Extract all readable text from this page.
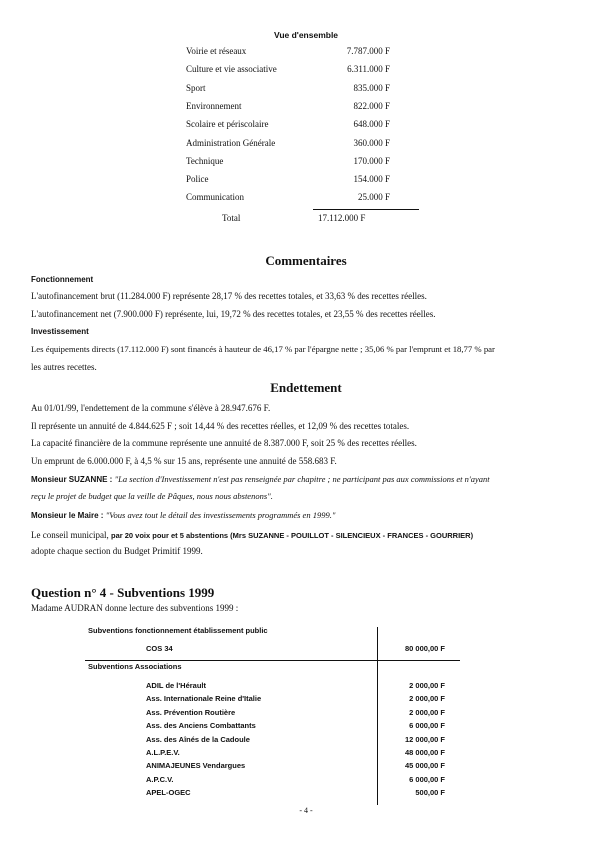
Vue d'ensemble
Voirie et réseaux	7.787.000 F
Culture et vie associative	6.311.000 F
Sport	835.000 F
Environnement	822.000 F
Scolaire et périscolaire	648.000 F
Administration Générale	360.000 F
Technique	170.000 F
Police	154.000 F
Communication	25.000 F
Total	17.112.000 F
Commentaires
Fonctionnement
L'autofinancement brut (11.284.000 F) représente 28,17 % des recettes totales, et 33,63 % des recettes réelles.
L'autofinancement net (7.900.000 F) représente, lui, 19,72 % des recettes totales, et 23,55 % des recettes réelles.
Investissement
Les équipements directs (17.112.000 F) sont financés à hauteur de 46,17 % par l'épargne nette ; 35,06 % par l'emprunt et 18,77 % par
les autres recettes.
Endettement
Au 01/01/99, l'endettement de la commune s'élève à 28.947.676 F.
Il représente un annuité de 4.844.625 F ; soit 14,44 % des recettes réelles, et 12,09 % des recettes totales.
La capacité financière de la commune représente une annuité de 8.387.000 F, soit 25 % des recettes réelles.
Un emprunt de 6.000.000 F, à 4,5 % sur 15 ans, représente une annuité de 558.683 F.
Monsieur SUZANNE : "La section d'Investissement n'est pas renseignée par chapitre ; ne participant pas aux commissions et n'ayant
reçu le projet de budget que la veille de Pâques, nous nous abstenons".
Monsieur le Maire : "Vous avez tout le détail des investissements programmés en 1999."
Le conseil municipal, par 20 voix pour et 5 abstentions (Mrs SUZANNE - POUILLOT - SILENCIEUX - FRANCES - GOURRIER)
adopte chaque section du Budget Primitif 1999.
Question n° 4 - Subventions 1999
Madame AUDRAN donne lecture des subventions 1999 :
Subventions fonctionnement établissement public
COS 34	80 000,00 F
Subventions Associations
ADIL de l'Hérault	2 000,00 F
Ass. Internationale Reine d'Italie	2 000,00 F
Ass. Prévention Routière	2 000,00 F
Ass. des Anciens Combattants	6 000,00 F
Ass. des Aînés de la Cadoule	12 000,00 F
A.L.P.E.V.	48 000,00 F
ANIMAJEUNES Vendargues	45 000,00 F
A.P.C.V.	6 000,00 F
APEL-OGEC	500,00 F
- 4 -
